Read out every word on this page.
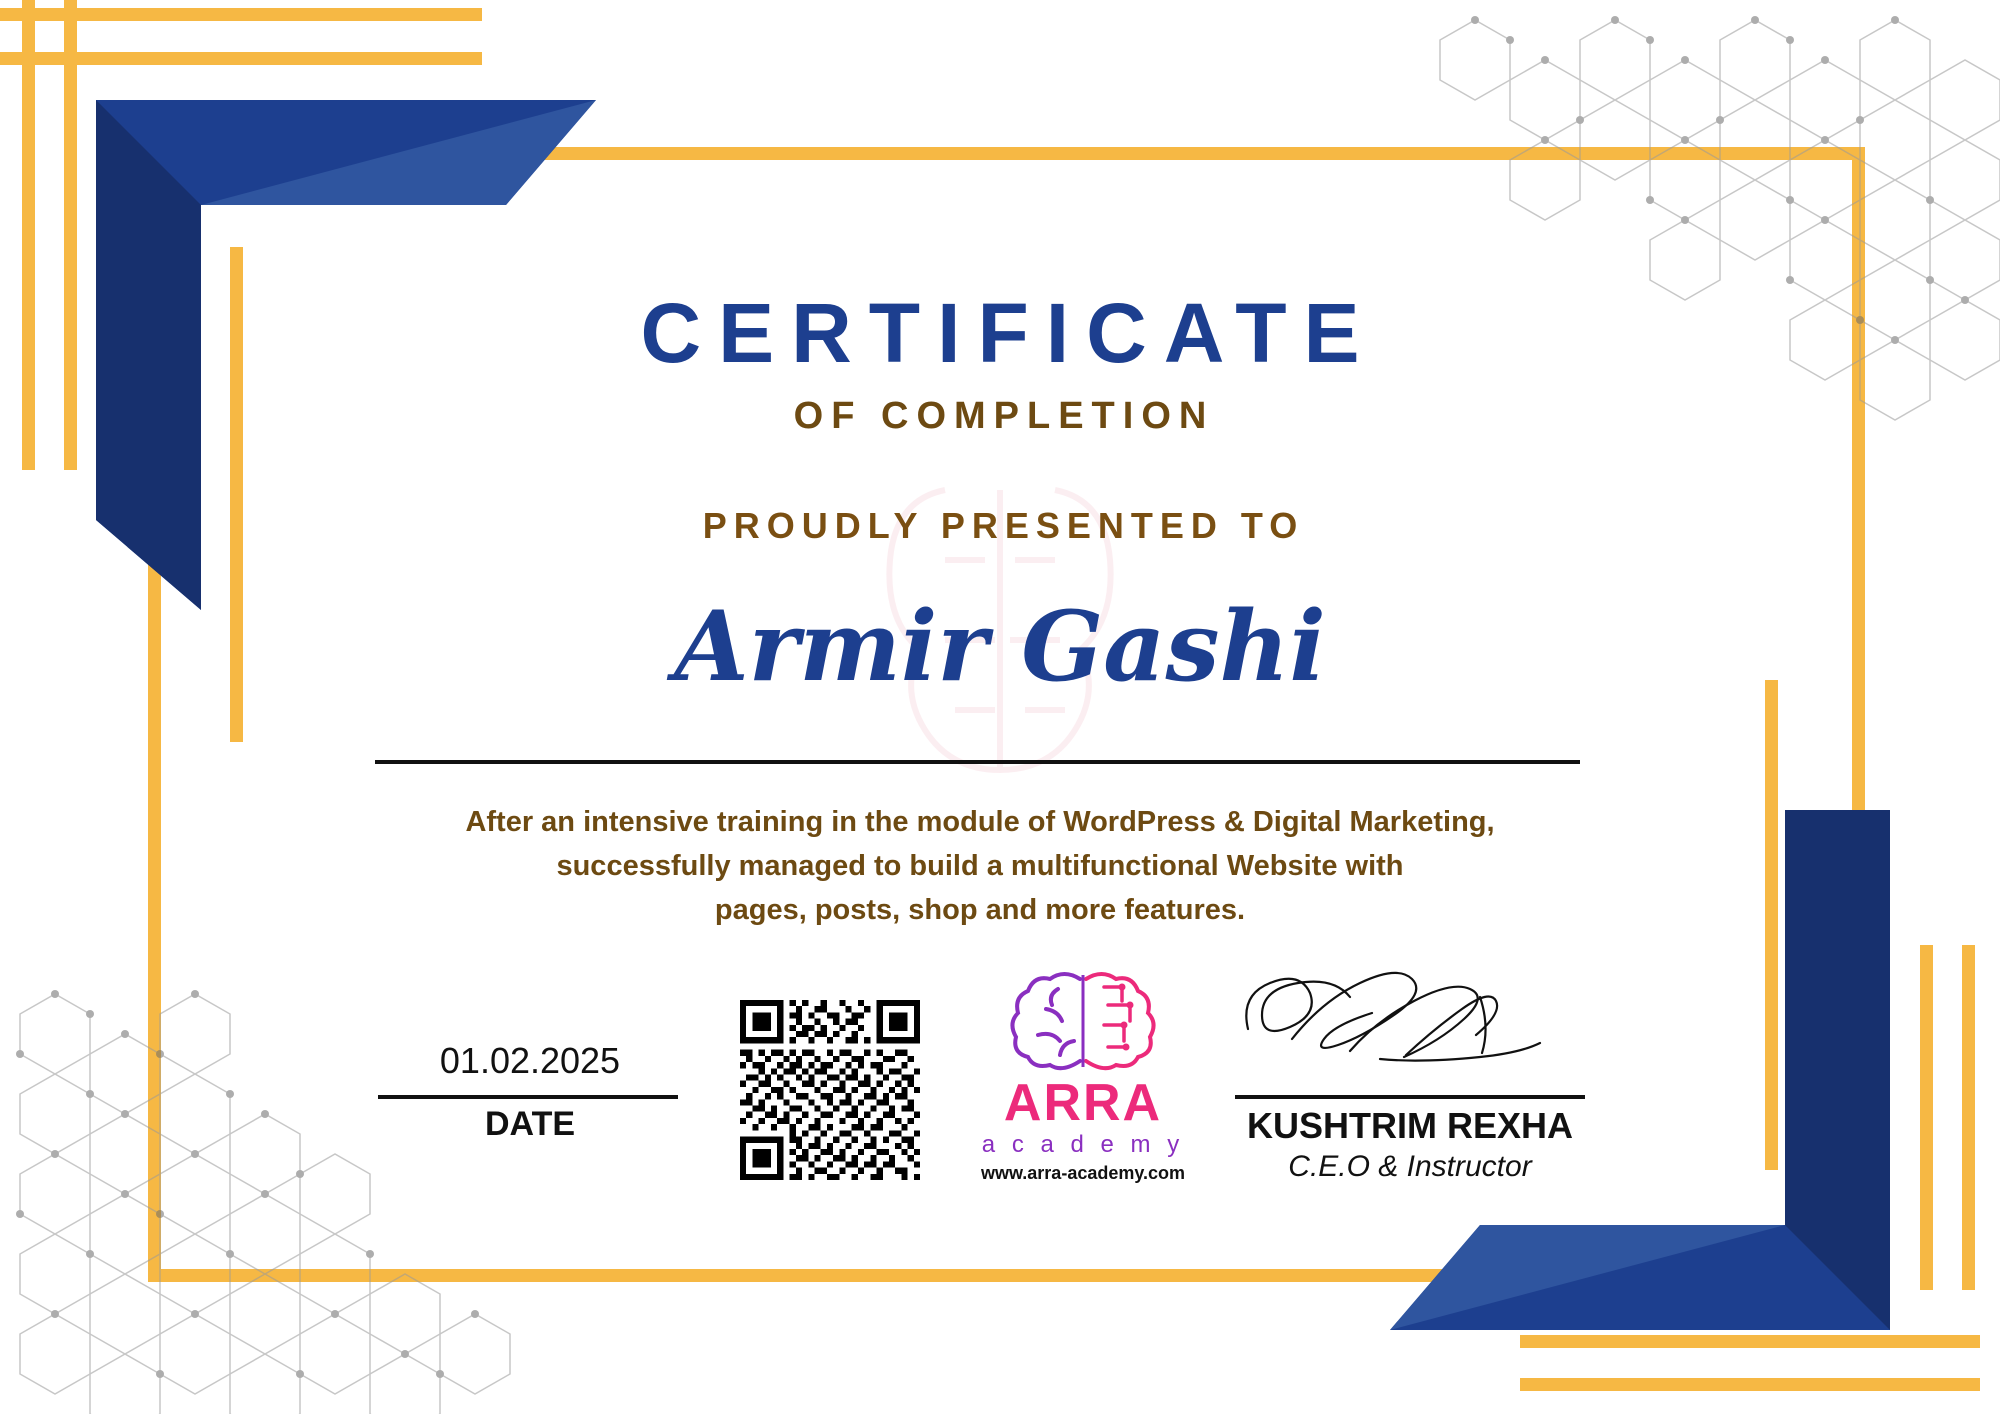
CERTIFICATE
OF COMPLETION
PROUDLY PRESENTED TO
Armir Gashi
After an intensive training in the module of WordPress & Digital Marketing,
successfully managed to build a multifunctional Website with
pages, posts, shop and more features.
01.02.2025
DATE	ARRA
a c a d e m y
www.arra-academy.com
KUSHTRIM REXHA
C.E.O & Instructor
